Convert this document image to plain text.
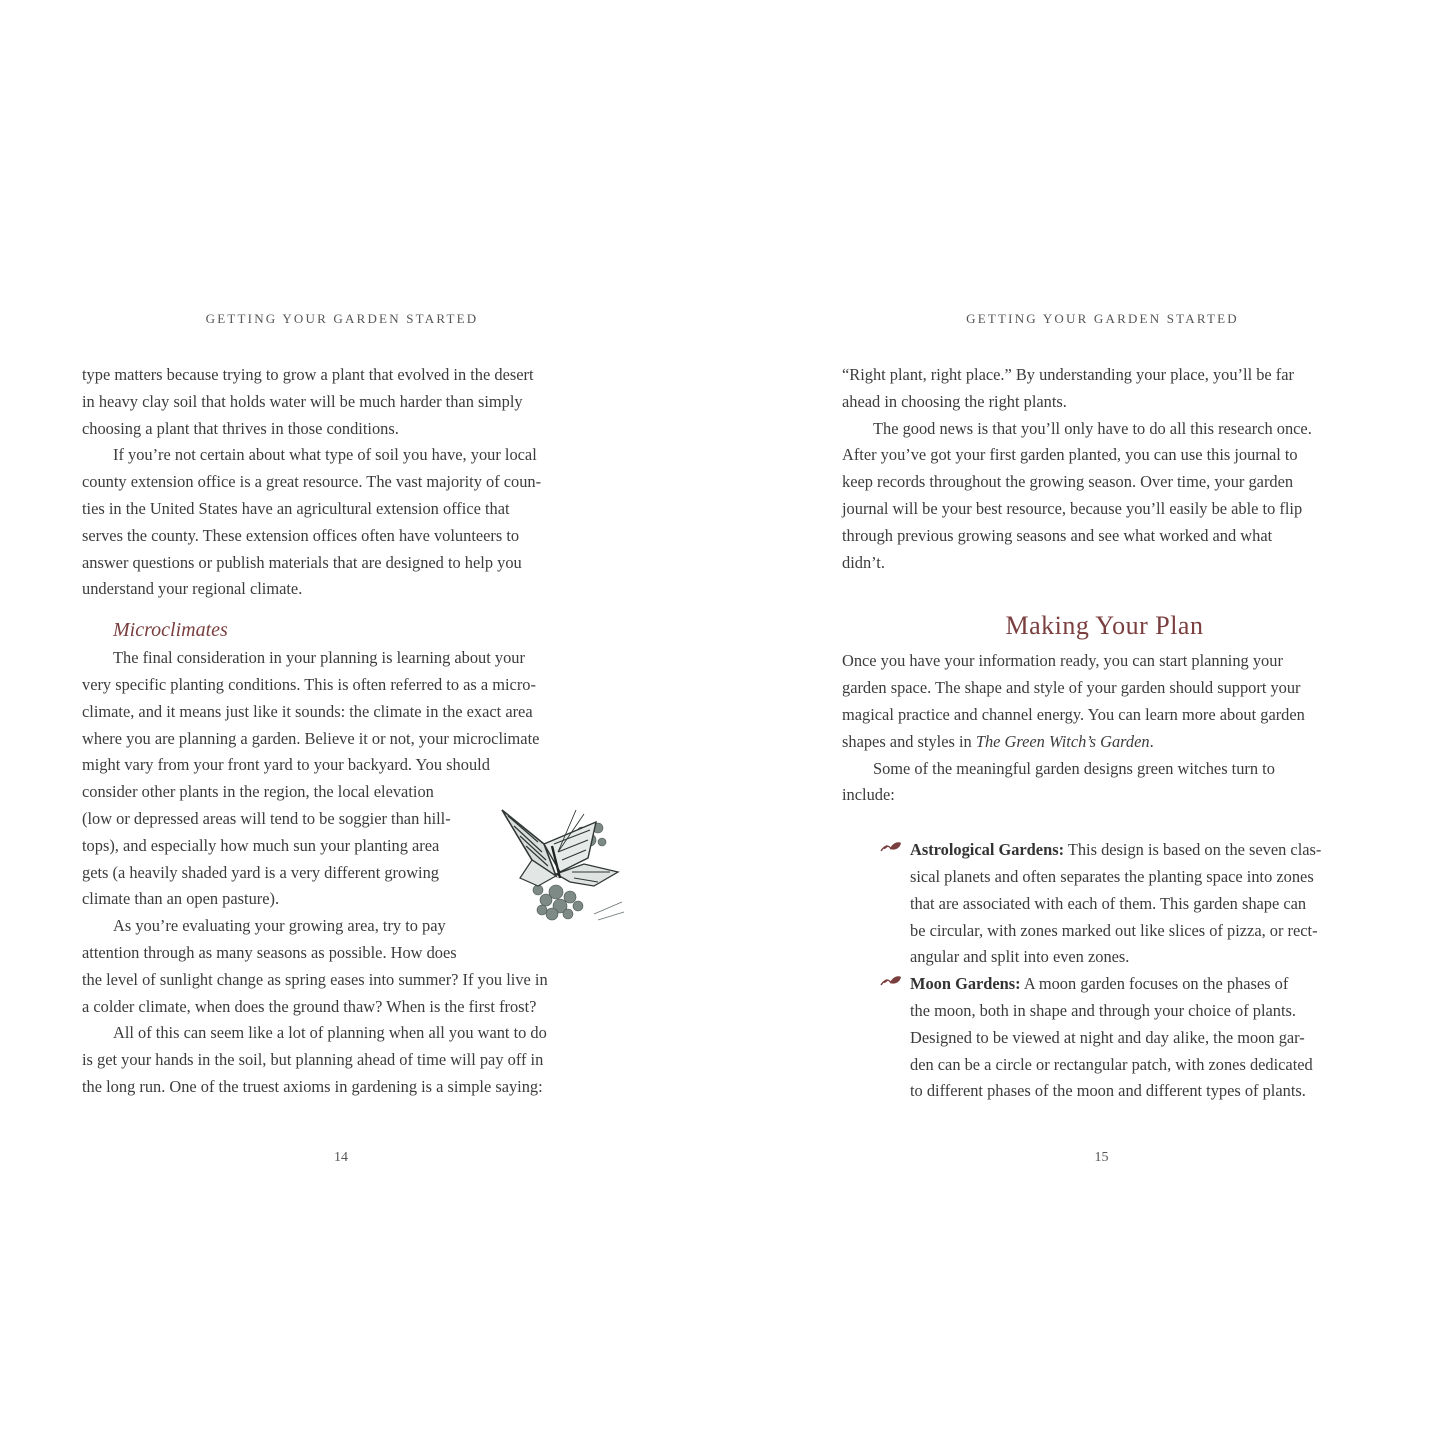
GETTING YOUR GARDEN STARTED
type matters because trying to grow a plant that evolved in the desert
in heavy clay soil that holds water will be much harder than simply
choosing a plant that thrives in those conditions.
If you’re not certain about what type of soil you have, your local
county extension office is a great resource. The vast majority of coun-
ties in the United States have an agricultural extension office that
serves the county. These extension offices often have volunteers to
answer questions or publish materials that are designed to help you
understand your regional climate.
Microclimates
The final consideration in your planning is learning about your
very specific planting conditions. This is often referred to as a micro-
climate, and it means just like it sounds: the climate in the exact area
where you are planning a garden. Believe it or not, your microclimate
might vary from your front yard to your backyard. You should
consider other plants in the region, the local elevation
(low or depressed areas will tend to be soggier than hill-
tops), and especially how much sun your planting area
gets (a heavily shaded yard is a very different growing
climate than an open pasture).
As you’re evaluating your growing area, try to pay
attention through as many seasons as possible. How does
the level of sunlight change as spring eases into summer? If you live in
a colder climate, when does the ground thaw? When is the first frost?
All of this can seem like a lot of planning when all you want to do
is get your hands in the soil, but planning ahead of time will pay off in
the long run. One of the truest axioms in gardening is a simple saying:
14
GETTING YOUR GARDEN STARTED
“Right plant, right place.” By understanding your place, you’ll be far
ahead in choosing the right plants.
The good news is that you’ll only have to do all this research once.
After you’ve got your first garden planted, you can use this journal to
keep records throughout the growing season. Over time, your garden
journal will be your best resource, because you’ll easily be able to flip
through previous growing seasons and see what worked and what
didn’t.
Making Your Plan
Once you have your information ready, you can start planning your
garden space. The shape and style of your garden should support your
magical practice and channel energy. You can learn more about garden
shapes and styles in The Green Witch’s Garden.
Some of the meaningful garden designs green witches turn to
include:
Astrological Gardens: This design is based on the seven clas-
sical planets and often separates the planting space into zones
that are associated with each of them. This garden shape can
be circular, with zones marked out like slices of pizza, or rect-
angular and split into even zones.
Moon Gardens: A moon garden focuses on the phases of
the moon, both in shape and through your choice of plants.
Designed to be viewed at night and day alike, the moon gar-
den can be a circle or rectangular patch, with zones dedicated
to different phases of the moon and different types of plants.
15
